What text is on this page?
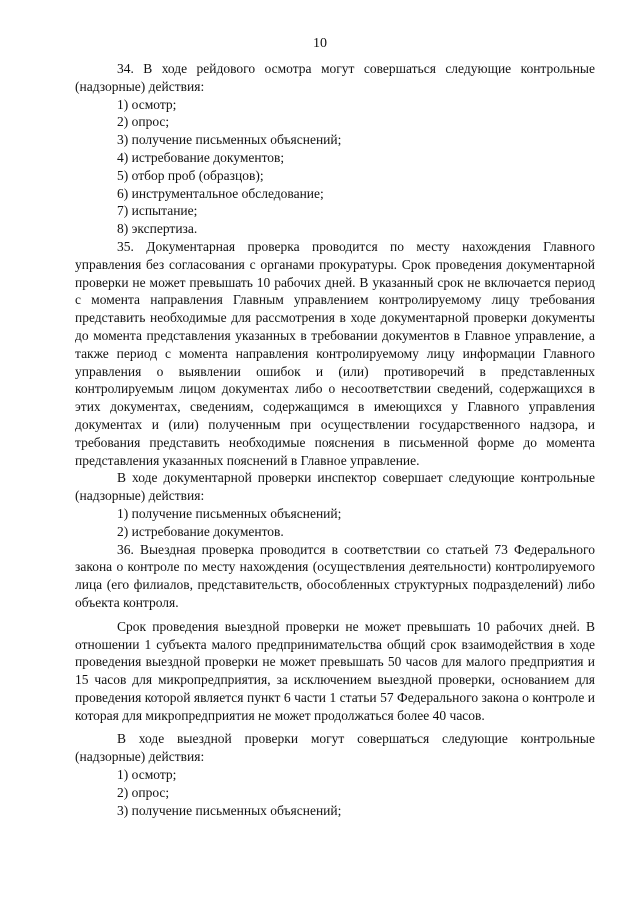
10
34. В ходе рейдового осмотра могут совершаться следующие контрольные (надзорные) действия:
1) осмотр;
2) опрос;
3) получение письменных объяснений;
4) истребование документов;
5) отбор проб (образцов);
6) инструментальное обследование;
7) испытание;
8) экспертиза.
35. Документарная проверка проводится по месту нахождения Главного управления без согласования с органами прокуратуры. Срок проведения документарной проверки не может превышать 10 рабочих дней. В указанный срок не включается период с момента направления Главным управлением контролируемому лицу требования представить необходимые для рассмотрения в ходе документарной проверки документы до момента представления указанных в требовании документов в Главное управление, а также период с момента направления контролируемому лицу информации Главного управления о выявлении ошибок и (или) противоречий в представленных контролируемым лицом документах либо о несоответствии сведений, содержащихся в этих документах, сведениям, содержащимся в имеющихся у Главного управления документах и (или) полученным при осуществлении государственного надзора, и требования представить необходимые пояснения в письменной форме до момента представления указанных пояснений в Главное управление.
В ходе документарной проверки инспектор совершает следующие контрольные (надзорные) действия:
1) получение письменных объяснений;
2) истребование документов.
36. Выездная проверка проводится в соответствии со статьей 73 Федерального закона о контроле по месту нахождения (осуществления деятельности) контролируемого лица (его филиалов, представительств, обособленных структурных подразделений) либо объекта контроля.
Срок проведения выездной проверки не может превышать 10 рабочих дней. В отношении 1 субъекта малого предпринимательства общий срок взаимодействия в ходе проведения выездной проверки не может превышать 50 часов для малого предприятия и 15 часов для микропредприятия, за исключением выездной проверки, основанием для проведения которой является пункт 6 части 1 статьи 57 Федерального закона о контроле и которая для микропредприятия не может продолжаться более 40 часов.
В ходе выездной проверки могут совершаться следующие контрольные (надзорные) действия:
1) осмотр;
2) опрос;
3) получение письменных объяснений;
